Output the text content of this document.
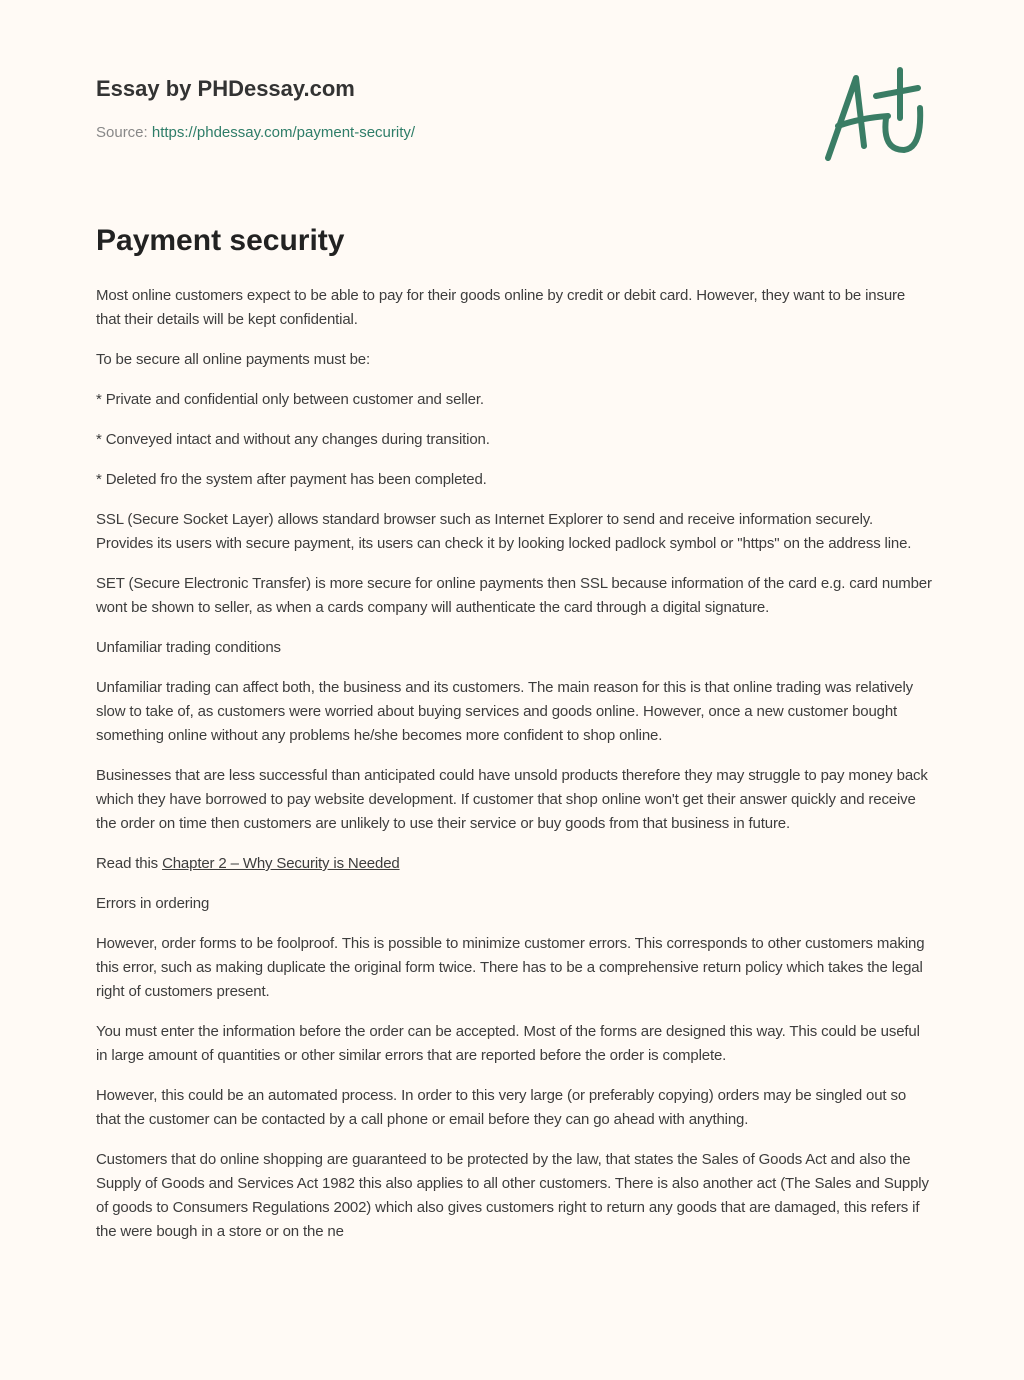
Essay by PHDessay.com
Source: https://phdessay.com/payment-security/
Payment security

Most online customers expect to be able to pay for their goods online by credit or debit card. However, they want to be insure that their details will be kept confidential.

To be secure all online payments must be:

* Private and confidential only between customer and seller.

* Conveyed intact and without any changes during transition.

* Deleted fro the system after payment has been completed.

SSL (Secure Socket Layer) allows standard browser such as Internet Explorer to send and receive information securely. Provides its users with secure payment, its users can check it by looking locked padlock symbol or "https" on the address line.

SET (Secure Electronic Transfer) is more secure for online payments then SSL because information of the card e.g. card number wont be shown to seller, as when a cards company will authenticate the card through a digital signature.

Unfamiliar trading conditions

Unfamiliar trading can affect both, the business and its customers. The main reason for this is that online trading was relatively slow to take of, as customers were worried about buying services and goods online. However, once a new customer bought something online without any problems he/she becomes more confident to shop online.

Businesses that are less successful than anticipated could have unsold products therefore they may struggle to pay money back which they have borrowed to pay website development. If customer that shop online won't get their answer quickly and receive the order on time then customers are unlikely to use their service or buy goods from that business in future.

Read this Chapter 2 – Why Security is Needed

Errors in ordering

However, order forms to be foolproof. This is possible to minimize customer errors. This corresponds to other customers making this error, such as making duplicate the original form twice. There has to be a comprehensive return policy which takes the legal right of customers present.

You must enter the information before the order can be accepted. Most of the forms are designed this way. This could be useful in large amount of quantities or other similar errors that are reported before the order is complete.

However, this could be an automated process. In order to this very large (or preferably copying) orders may be singled out so that the customer can be contacted by a call phone or email before they can go ahead with anything.

Customers that do online shopping are guaranteed to be protected by the law, that states the Sales of Goods Act and also the Supply of Goods and Services Act 1982 this also applies to all other customers. There is also another act (The Sales and Supply of goods to Consumers Regulations 2002) which also gives customers right to return any goods that are damaged, this refers if the were bough in a store or on the ne
